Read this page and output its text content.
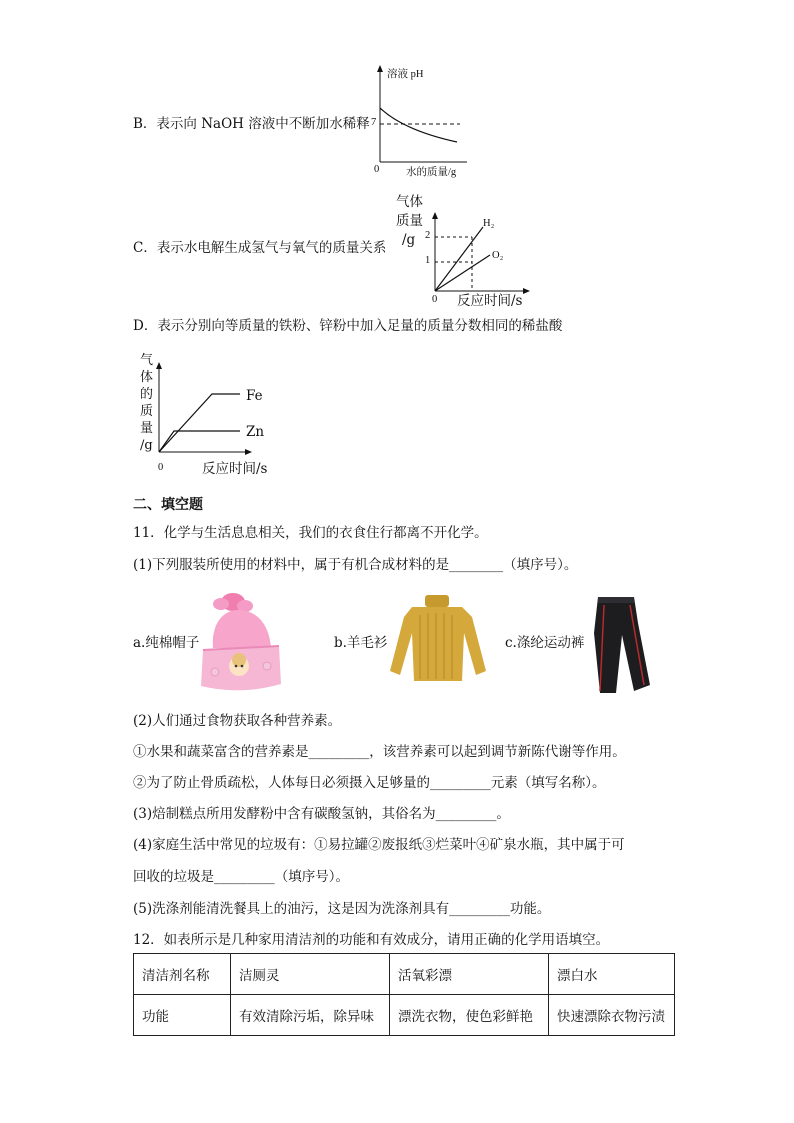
B．表示向 NaOH 溶液中不断加水稀释
溶液 pH
7
0	水的质量/g
C．表示水电解生成氢气与氧气的质量关系
气体
质量
/g 2
1
H₂
O₂
0 反应时间/s
D．表示分别向等质量的铁粉、锌粉中加入足量的质量分数相同的稀盐酸
气
体
的
质
量
/g
Fe
Zn
0	反应时间/s
二、填空题
11．化学与生活息息相关，我们的衣食住行都离不开化学。
(1)下列服装所使用的材料中，属于有机合成材料的是________（填序号）。
a.纯棉帽子	b.羊毛衫	c.涤纶运动裤
(2)人们通过食物获取各种营养素。
①水果和蔬菜富含的营养素是_________，该营养素可以起到调节新陈代谢等作用。
②为了防止骨质疏松，人体每日必须摄入足够量的_________元素（填写名称）。
(3)焙制糕点所用发酵粉中含有碳酸氢钠，其俗名为_________。
(4)家庭生活中常见的垃圾有：①易拉罐②废报纸③烂菜叶④矿泉水瓶，其中属于可
回收的垃圾是_________（填序号）。
(5)洗涤剂能清洗餐具上的油污，这是因为洗涤剂具有_________功能。
12．如表所示是几种家用清洁剂的功能和有效成分，请用正确的化学用语填空。
清洁剂名称	洁厕灵	活氧彩漂	漂白水
功能	有效清除污垢，除异味	漂洗衣物，使色彩鲜艳	快速漂除衣物污渍
